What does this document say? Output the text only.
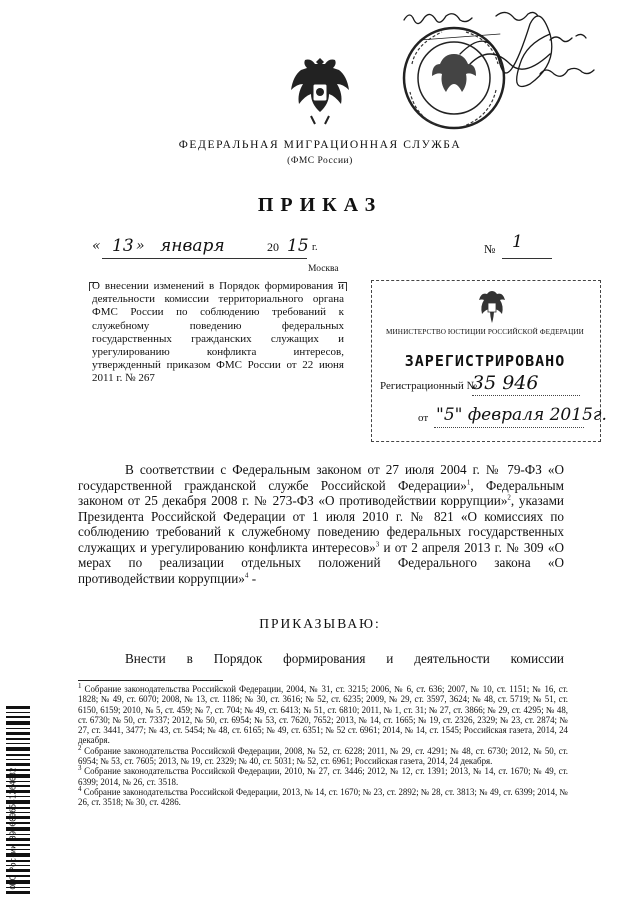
ФЕДЕРАЛЬНАЯ МИГРАЦИОННАЯ СЛУЖБА
(ФМС России)
ПРИКАЗ
« 13 » января	20 15 г.	№ 1
Москва

О внесении изменений в Порядок формирования и деятельности комиссии территориального органа ФМС России по соблюдению требований к служебному поведению федеральных государственных гражданских служащих и урегулированию конфликта интересов, утвержденный приказом ФМС России от 22 июня 2011 г. № 267

МИНИСТЕРСТВО ЮСТИЦИИ РОССИЙСКОЙ ФЕДЕРАЦИИ
ЗАРЕГИСТРИРОВАНО
Регистрационный №
35 946
от "5" февраля 2015г.

В соответствии с Федеральным законом от 27 июля 2004 г. № 79-ФЗ «О государственной гражданской службе Российской Федерации»$^1$, Федеральным законом от 25 декабря 2008 г. № 273-ФЗ «О противодействии коррупции»$^2$, указами Президента Российской Федерации от 1 июля 2010 г. № 821 «О комиссиях по соблюдению требований к служебному поведению федеральных государственных служащих и урегулированию конфликта интересов»$^3$ и от 2 апреля 2013 г. № 309 «О мерах по реализации отдельных положений Федерального закона «О противодействии коррупции»$^4$ -

ПРИКАЗЫВАЮ:
Внести в Порядок формирования и деятельности комиссии

$^1$ Собрание законодательства Российской Федерации, 2004, № 31, ст. 3215; 2006, № 6, ст. 636; 2007, № 10, ст. 1151; № 16, ст. 1828; № 49, ст. 6070; 2008, № 13, ст. 1186; № 30, ст. 3616; № 52, ст. 6235; 2009, № 29, ст. 3597, 3624; № 48, ст. 5719; № 51, ст. 6150, 6159; 2010, № 5, ст. 459; № 7, ст. 704; № 49, ст. 6413; № 51, ст. 6810; 2011, № 1, ст. 31; № 27, ст. 3866; № 29, ст. 4295; № 48, ст. 6730; № 50, ст. 7337; 2012, № 50, ст. 6954; № 53, ст. 7620, 7652; 2013, № 14, ст. 1665; № 19, ст. 2326, 2329; № 23, ст. 2874; № 27, ст. 3441, 3477; № 43, ст. 5454; № 48, ст. 6165; № 49, ст. 6351; № 52 ст. 6961; 2014, № 14, ст. 1545; Российская газета, 2014, 24 декабря.

$^2$ Собрание законодательства Российской Федерации, 2008, № 52, ст. 6228; 2011, № 29, ст. 4291; № 48, ст. 6730; 2012, № 50, ст. 6954; № 53, ст. 7605; 2013, № 19, ст. 2329; № 40, ст. 5031; № 52, ст. 6961; Российская газета, 2014, 24 декабря.

$^3$ Собрание законодательства Российской Федерации, 2010, № 27, ст. 3446; 2012, № 12, ст. 1391; 2013, № 14, ст. 1670; № 49, ст. 6399; 2014, № 26, ст. 3518.

$^4$ Собрание законодательства Российской Федерации, 2013, № 14, ст. 1670; № 23, ст. 2892; № 28, ст. 3813; № 49, ст. 6399; 2014, № 26, ст. 3518; № 30, ст. 4286.

ФМС России 0900006581264082
